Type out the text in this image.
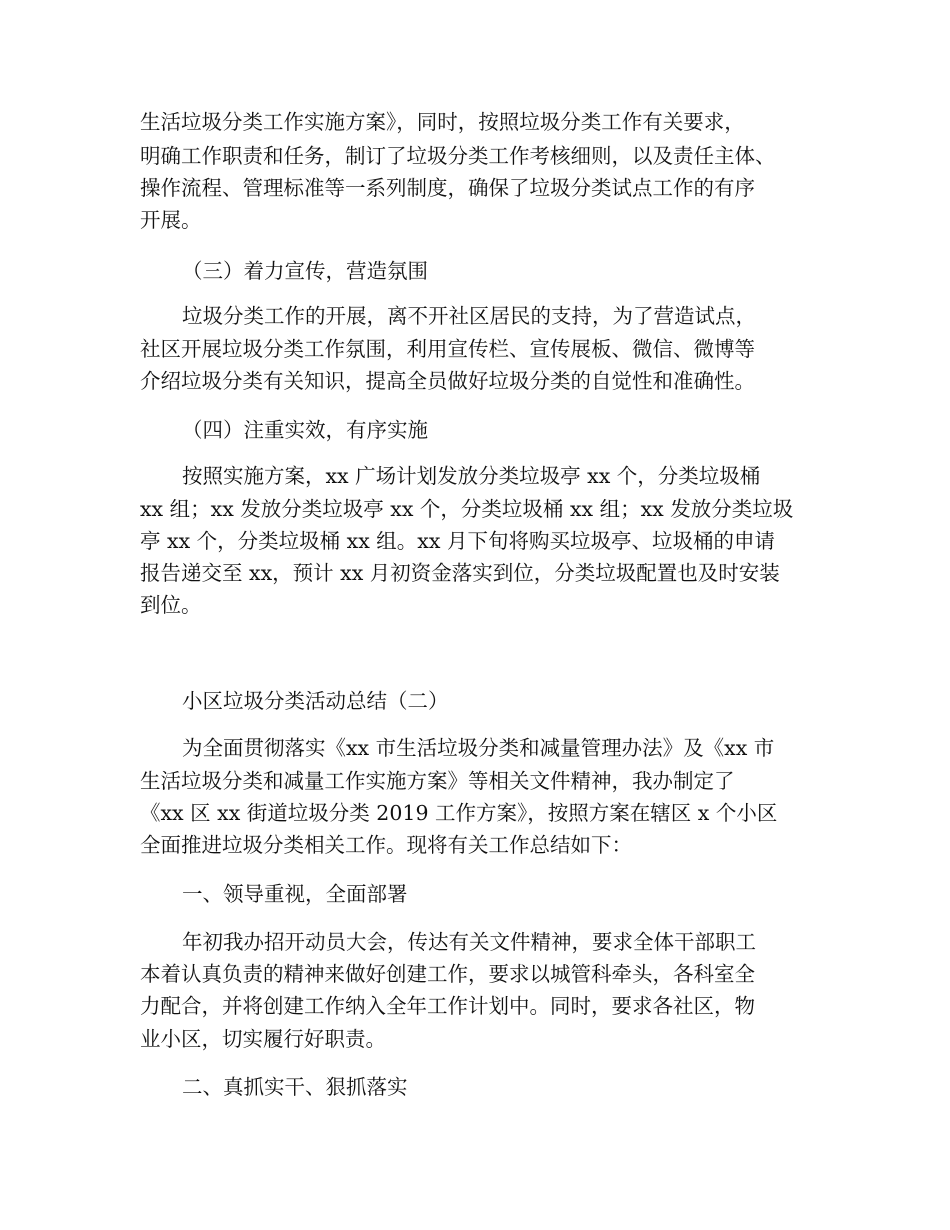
生活垃圾分类工作实施方案》，同时，按照垃圾分类工作有关要求，
明确工作职责和任务，制订了垃圾分类工作考核细则，以及责任主体、
操作流程、管理标准等一系列制度，确保了垃圾分类试点工作的有序
开展。
（三）着力宣传，营造氛围
垃圾分类工作的开展，离不开社区居民的支持，为了营造试点，
社区开展垃圾分类工作氛围，利用宣传栏、宣传展板、微信、微博等
介绍垃圾分类有关知识，提高全员做好垃圾分类的自觉性和准确性。
（四）注重实效，有序实施
按照实施方案，xx 广场计划发放分类垃圾亭 xx 个，分类垃圾桶
xx 组；xx 发放分类垃圾亭 xx 个，分类垃圾桶 xx 组；xx 发放分类垃圾
亭 xx 个，分类垃圾桶 xx 组。xx 月下旬将购买垃圾亭、垃圾桶的申请
报告递交至 xx，预计 xx 月初资金落实到位，分类垃圾配置也及时安装
到位。
小区垃圾分类活动总结（二）
为全面贯彻落实《xx 市生活垃圾分类和减量管理办法》及《xx 市
生活垃圾分类和减量工作实施方案》等相关文件精神，我办制定了
《xx 区 xx 街道垃圾分类 2019 工作方案》，按照方案在辖区 x 个小区
全面推进垃圾分类相关工作。现将有关工作总结如下：
一、领导重视，全面部署
年初我办招开动员大会，传达有关文件精神，要求全体干部职工
本着认真负责的精神来做好创建工作，要求以城管科牵头，各科室全
力配合，并将创建工作纳入全年工作计划中。同时，要求各社区，物
业小区，切实履行好职责。
二、真抓实干、狠抓落实
